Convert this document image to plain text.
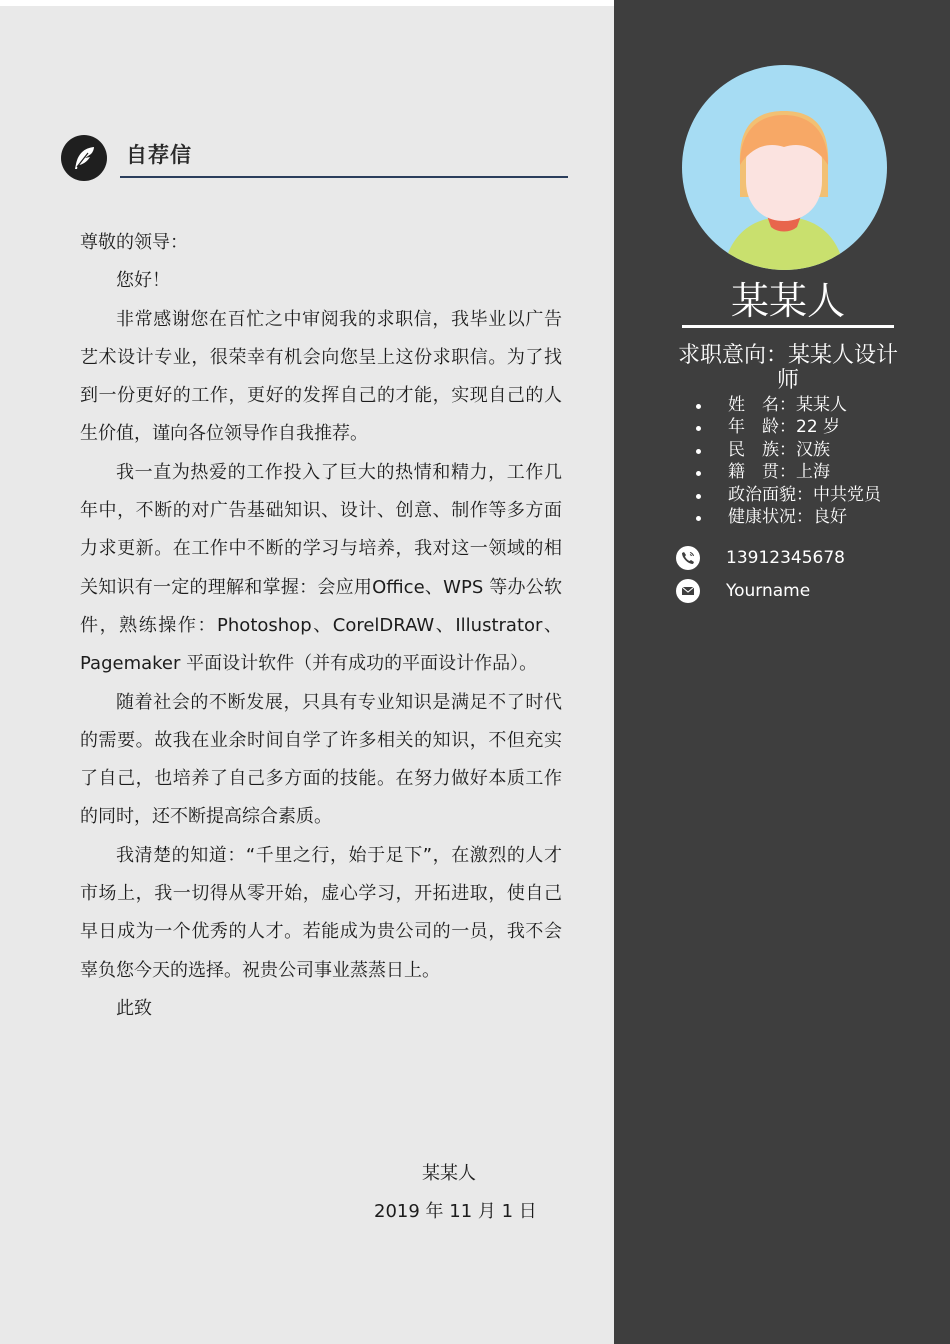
自荐信

尊敬的领导：

您好！

非常感谢您在百忙之中审阅我的求职信，我毕业以广告艺术设计专业，很荣幸有机会向您呈上这份求职信。为了找到一份更好的工作，更好的发挥自己的才能，实现自己的人生价值，谨向各位领导作自我推荐。

我一直为热爱的工作投入了巨大的热情和精力，工作几年中，不断的对广告基础知识、设计、创意、制作等多方面力求更新。在工作中不断的学习与培养，我对这一领域的相关知识有一定的理解和掌握：会应用Office、WPS 等办公软件，熟练操作：Photoshop、CorelDRAW、Illustrator、Pagemaker 平面设计软件（并有成功的平面设计作品）。

随着社会的不断发展，只具有专业知识是满足不了时代的需要。故我在业余时间自学了许多相关的知识，不但充实了自己，也培养了自己多方面的技能。在努力做好本质工作的同时，还不断提高综合素质。

我清楚的知道：“千里之行，始于足下”，在激烈的人才市场上，我一切得从零开始，虚心学习，开拓进取，使自己早日成为一个优秀的人才。若能成为贵公司的一员，我不会辜负您今天的选择。祝贵公司事业蒸蒸日上。

此致

某某人
2019 年 11 月 1 日
某某人
求职意向：某某人设计师
姓　名：某某人
年　龄：22 岁
民　族：汉族
籍　贯：上海
政治面貌：中共党员
健康状况：良好
13912345678
Yourname
